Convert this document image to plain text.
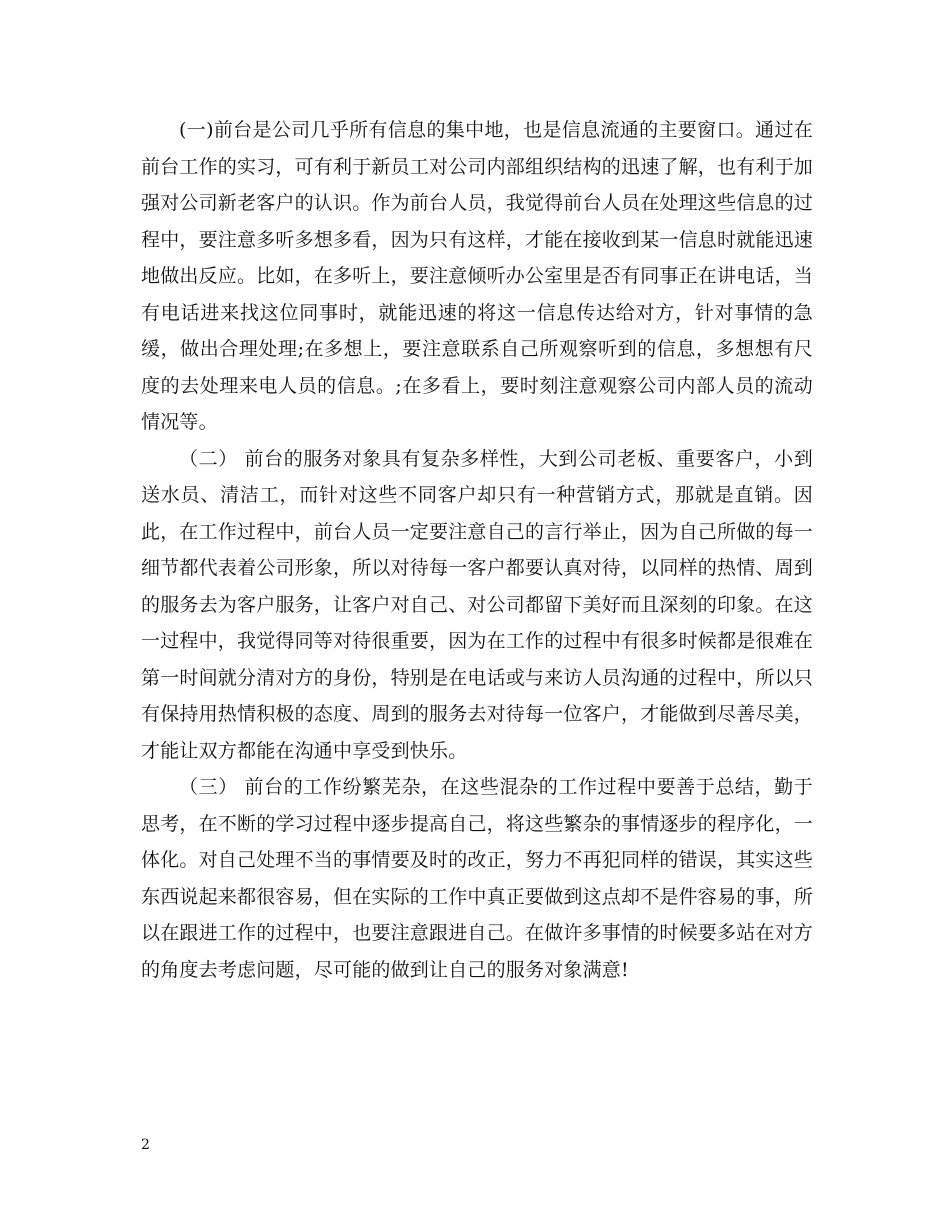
(一)前台是公司几乎所有信息的集中地，也是信息流通的主要窗口。通过在前台工作的实习，可有利于新员工对公司内部组织结构的迅速了解，也有利于加强对公司新老客户的认识。作为前台人员，我觉得前台人员在处理这些信息的过程中，要注意多听多想多看，因为只有这样，才能在接收到某一信息时就能迅速地做出反应。比如，在多听上，要注意倾听办公室里是否有同事正在讲电话，当有电话进来找这位同事时，就能迅速的将这一信息传达给对方，针对事情的急缓，做出合理处理;在多想上，要注意联系自己所观察听到的信息，多想想有尺度的去处理来电人员的信息。;在多看上，要时刻注意观察公司内部人员的流动情况等。

（二） 前台的服务对象具有复杂多样性，大到公司老板、重要客户，小到送水员、清洁工，而针对这些不同客户却只有一种营销方式，那就是直销。因此，在工作过程中，前台人员一定要注意自己的言行举止，因为自己所做的每一细节都代表着公司形象，所以对待每一客户都要认真对待，以同样的热情、周到的服务去为客户服务，让客户对自己、对公司都留下美好而且深刻的印象。在这一过程中，我觉得同等对待很重要，因为在工作的过程中有很多时候都是很难在第一时间就分清对方的身份，特别是在电话或与来访人员沟通的过程中，所以只有保持用热情积极的态度、周到的服务去对待每一位客户，才能做到尽善尽美，才能让双方都能在沟通中享受到快乐。

（三） 前台的工作纷繁芜杂，在这些混杂的工作过程中要善于总结，勤于思考，在不断的学习过程中逐步提高自己，将这些繁杂的事情逐步的程序化，一体化。对自己处理不当的事情要及时的改正，努力不再犯同样的错误，其实这些东西说起来都很容易，但在实际的工作中真正要做到这点却不是件容易的事，所以在跟进工作的过程中，也要注意跟进自己。在做许多事情的时候要多站在对方的角度去考虑问题，尽可能的做到让自己的服务对象满意!

2
